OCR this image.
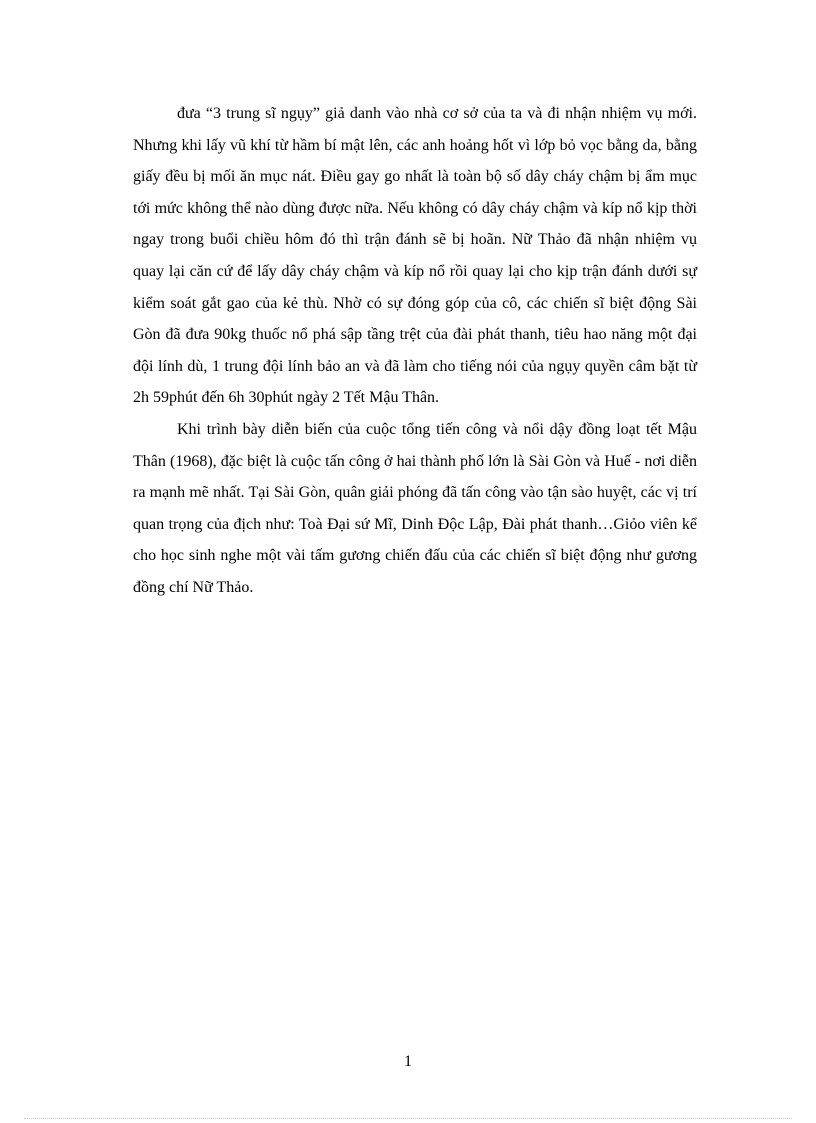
đưa “3 trung sĩ ngụy” giả danh vào nhà cơ sở của ta và đi nhận nhiệm vụ mới. Nhưng khi lấy vũ khí từ hầm bí mật lên, các anh hoảng hốt vì lớp bỏ vọc bằng da, bằng giấy đều bị mối ăn mục nát. Điều gay go nhất là toàn bộ số dây cháy chậm bị ẩm mục tới mức không thể nào dùng được nữa. Nếu không có dây cháy chậm và kíp nổ kịp thời ngay trong buổi chiều hôm đó thì trận đánh sẽ bị hoãn. Nữ Thảo đã nhận nhiệm vụ quay lại căn cứ để lấy dây cháy chậm và kíp nổ rồi quay lại cho kịp trận đánh dưới sự kiểm soát gắt gao của kẻ thù. Nhờ có sự đóng góp của cô, các chiến sĩ biệt động Sài Gòn đã đưa 90kg thuốc nổ phá sập tầng trệt của đài phát thanh, tiêu hao năng một đại đội lính dù, 1 trung đội lính bảo an và đã làm cho tiếng nói của ngụy quyền câm bặt từ 2h 59phút đến 6h 30phút ngày 2 Tết Mậu Thân.

Khi trình bày diễn biến của cuộc tổng tiến công và nổi dậy đồng loạt tết Mậu Thân (1968), đặc biệt là cuộc tấn công ở hai thành phố lớn là Sài Gòn và Huế - nơi diễn ra mạnh mẽ nhất. Tại Sài Gòn, quân giải phóng đã tấn công vào tận sào huyệt, các vị trí quan trọng của địch như: Toà Đại sứ Mĩ, Dinh Độc Lập, Đài phát thanh…Giỏo viên kể cho học sinh nghe một vài tấm gương chiến đấu của các chiến sĩ biệt động như gương đồng chí Nữ Thảo.

1
